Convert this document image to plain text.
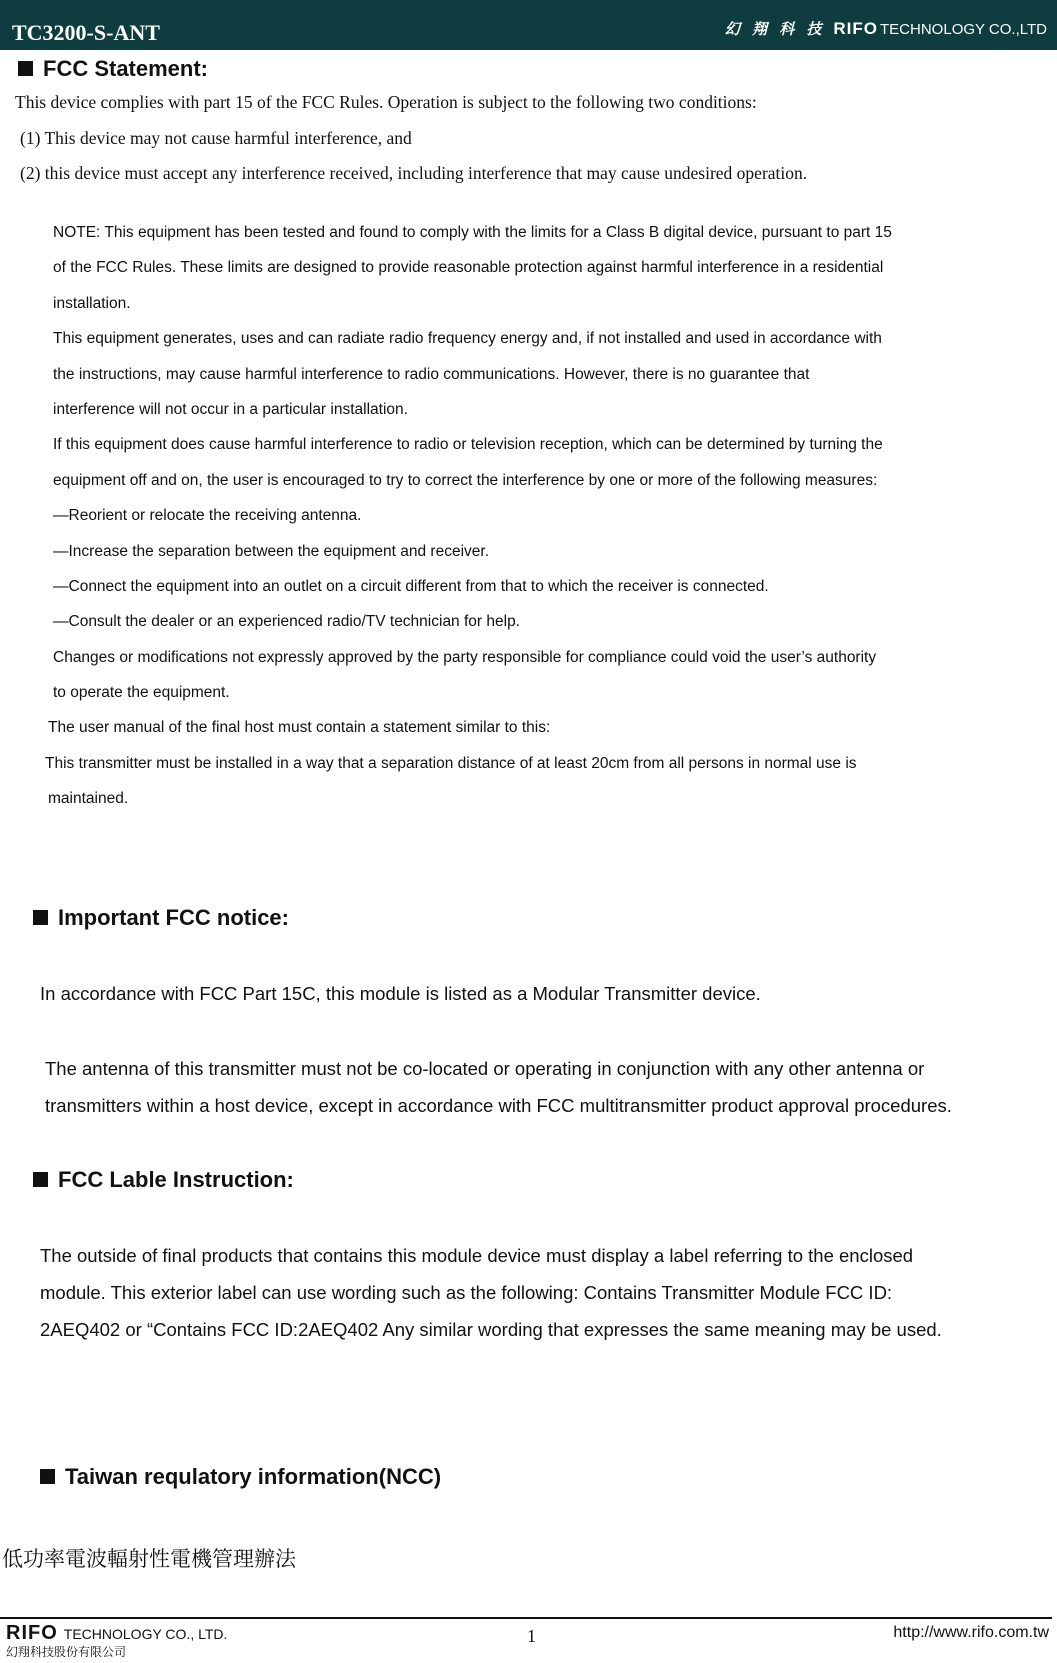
TC3200-S-ANT	幻 翔 科 技 RIFO TECHNOLOGY CO.,LTD
FCC Statement:
This device complies with part 15 of the FCC Rules. Operation is subject to the following two conditions:
(1) This device may not cause harmful interference, and
(2) this device must accept any interference received, including interference that may cause undesired operation.
NOTE: This equipment has been tested and found to comply with the limits for a Class B digital device, pursuant to part 15
of the FCC Rules. These limits are designed to provide reasonable protection against harmful interference in a residential
installation.
This equipment generates, uses and can radiate radio frequency energy and, if not installed and used in accordance with
the instructions, may cause harmful interference to radio communications. However, there is no guarantee that
interference will not occur in a particular installation.
If this equipment does cause harmful interference to radio or television reception, which can be determined by turning the
equipment off and on, the user is encouraged to try to correct the interference by one or more of the following measures:
—Reorient or relocate the receiving antenna.
—Increase the separation between the equipment and receiver.
—Connect the equipment into an outlet on a circuit different from that to which the receiver is connected.
—Consult the dealer or an experienced radio/TV technician for help.
Changes or modifications not expressly approved by the party responsible for compliance could void the user’s authority
to operate the equipment.
The user manual of the final host must contain a statement similar to this:
This transmitter must be installed in a way that a separation distance of at least 20cm from all persons in normal use is
maintained.
Important FCC notice:
In accordance with FCC Part 15C, this module is listed as a Modular Transmitter device.
The antenna of this transmitter must not be co-located or operating in conjunction with any other antenna or
transmitters within a host device, except in accordance with FCC multitransmitter product approval procedures.
FCC Lable Instruction:
The outside of final products that contains this module device must display a label referring to the enclosed
module. This exterior label can use wording such as the following: Contains Transmitter Module FCC ID:
2AEQ402 or “Contains FCC ID:2AEQ402 Any similar wording that expresses the same meaning may be used.
Taiwan requlatory information(NCC)
低功率電波輻射性電機管理辦法
RIFO TECHNOLOGY CO., LTD.
幻翔科技股份有限公司
1	http://www.rifo.com.tw
